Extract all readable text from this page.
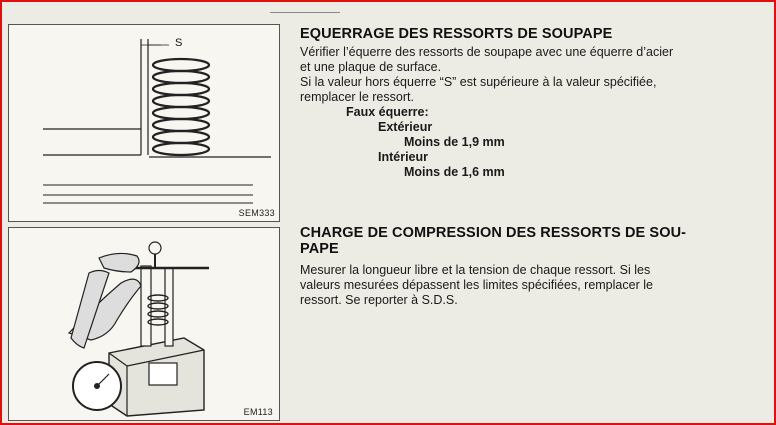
S
SEM333
EM113
EQUERRAGE DES RESSORTS DE SOUPAPE

Vérifier l’équerre des ressorts de soupape avec une équerre d’acier

et une plaque de surface.

Si la valeur hors équerre “S” est supérieure à la valeur spécifiée,

remplacer le ressort.

Faux équerre:
Extérieur
Moins de 1,9 mm
Intérieur
Moins de 1,6 mm
CHARGE DE COMPRESSION DES RESSORTS DE SOU-
PAPE

Mesurer la longueur libre et la tension de chaque ressort. Si les

valeurs mesurées dépassent les limites spécifiées, remplacer le

ressort. Se reporter à S.D.S.
